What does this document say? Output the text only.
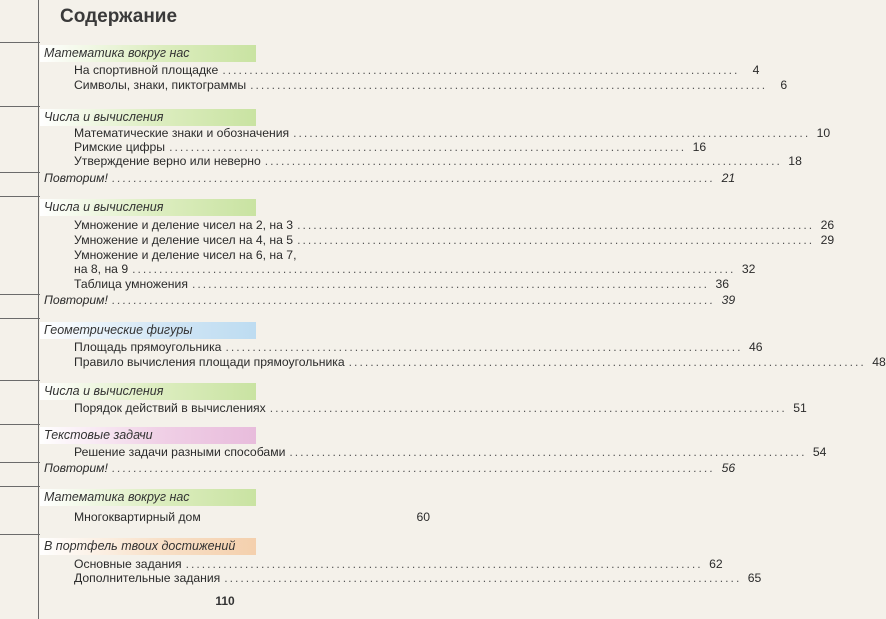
Содержание
Математика вокруг нас
На спортивной площадке ................................................................................................	4
Символы, знаки, пиктограммы ................................................................................................	6
Числа и вычисления
Математические знаки и обозначения ................................................................................................ 10
Римские цифры ................................................................................................ 16
Утверждение верно или неверно ................................................................................................ 18
Повторим! ................................................................................................................ 21
Числа и вычисления
Умножение и деление чисел на 2, на 3 ................................................................................................ 26
Умножение и деление чисел на 4, на 5 ................................................................................................ 29
Умножение и деление чисел на 6, на 7,
на 8, на 9 ................................................................................................................ 32
Таблица умножения ................................................................................................ 36
Повторим! ................................................................................................................ 39
Геометрические фигуры
Площадь прямоугольника ................................................................................................ 46
Правило вычисления площади прямоугольника ................................................................................................ 48
Числа и вычисления
Порядок действий в вычислениях ................................................................................................ 51
Текстовые задачи
Решение задачи разными способами ................................................................................................ 54
Повторим! ................................................................................................................ 56
Математика вокруг нас
Многоквартирный дом	60
В портфель твоих достижений
Основные задания ................................................................................................ 62
Дополнительные задания ................................................................................................ 65
110
